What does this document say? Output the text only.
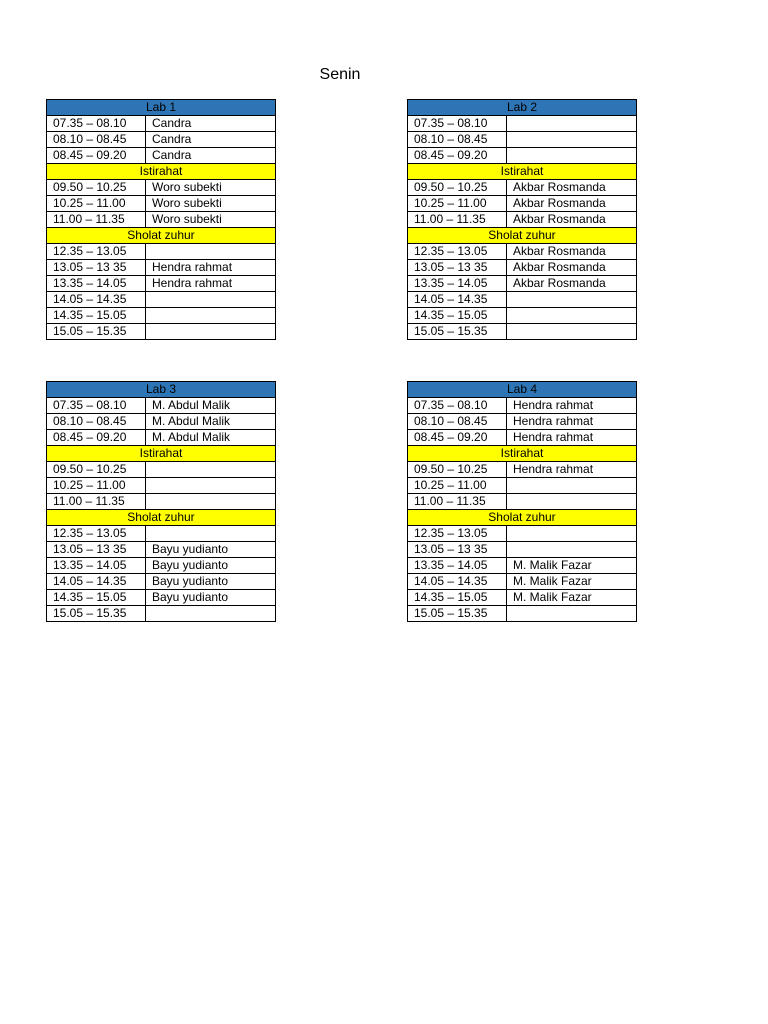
Senin
Lab 1	
07.35 – 08.10	Candra
08.10 – 08.45	Candra
08.45 – 09.20	Candra
Istirahat	
09.50 – 10.25	Woro subekti
10.25 – 11.00	Woro subekti
11.00 – 11.35	Woro subekti
Sholat zuhur	
12.35 – 13.05	
13.05 – 13 35	Hendra rahmat
13.35 – 14.05	Hendra rahmat
14.05 – 14.35	
14.35 – 15.05	
15.05 – 15.35	
Lab 2	
07.35 – 08.10	
08.10 – 08.45	
08.45 – 09.20	
Istirahat	
09.50 – 10.25	Akbar Rosmanda
10.25 – 11.00	Akbar Rosmanda
11.00 – 11.35	Akbar Rosmanda
Sholat zuhur	
12.35 – 13.05	Akbar Rosmanda
13.05 – 13 35	Akbar Rosmanda
13.35 – 14.05	Akbar Rosmanda
14.05 – 14.35	
14.35 – 15.05	
15.05 – 15.35	
Lab 3	
07.35 – 08.10	M. Abdul Malik
08.10 – 08.45	M. Abdul Malik
08.45 – 09.20	M. Abdul Malik
Istirahat	
09.50 – 10.25	
10.25 – 11.00	
11.00 – 11.35	
Sholat zuhur	
12.35 – 13.05	
13.05 – 13 35	Bayu yudianto
13.35 – 14.05	Bayu yudianto
14.05 – 14.35	Bayu yudianto
14.35 – 15.05	Bayu yudianto
15.05 – 15.35	
Lab 4	
07.35 – 08.10	Hendra rahmat
08.10 – 08.45	Hendra rahmat
08.45 – 09.20	Hendra rahmat
Istirahat	
09.50 – 10.25	Hendra rahmat
10.25 – 11.00	
11.00 – 11.35	
Sholat zuhur	
12.35 – 13.05	
13.05 – 13 35	
13.35 – 14.05	M. Malik Fazar
14.05 – 14.35	M. Malik Fazar
14.35 – 15.05	M. Malik Fazar
15.05 – 15.35	
